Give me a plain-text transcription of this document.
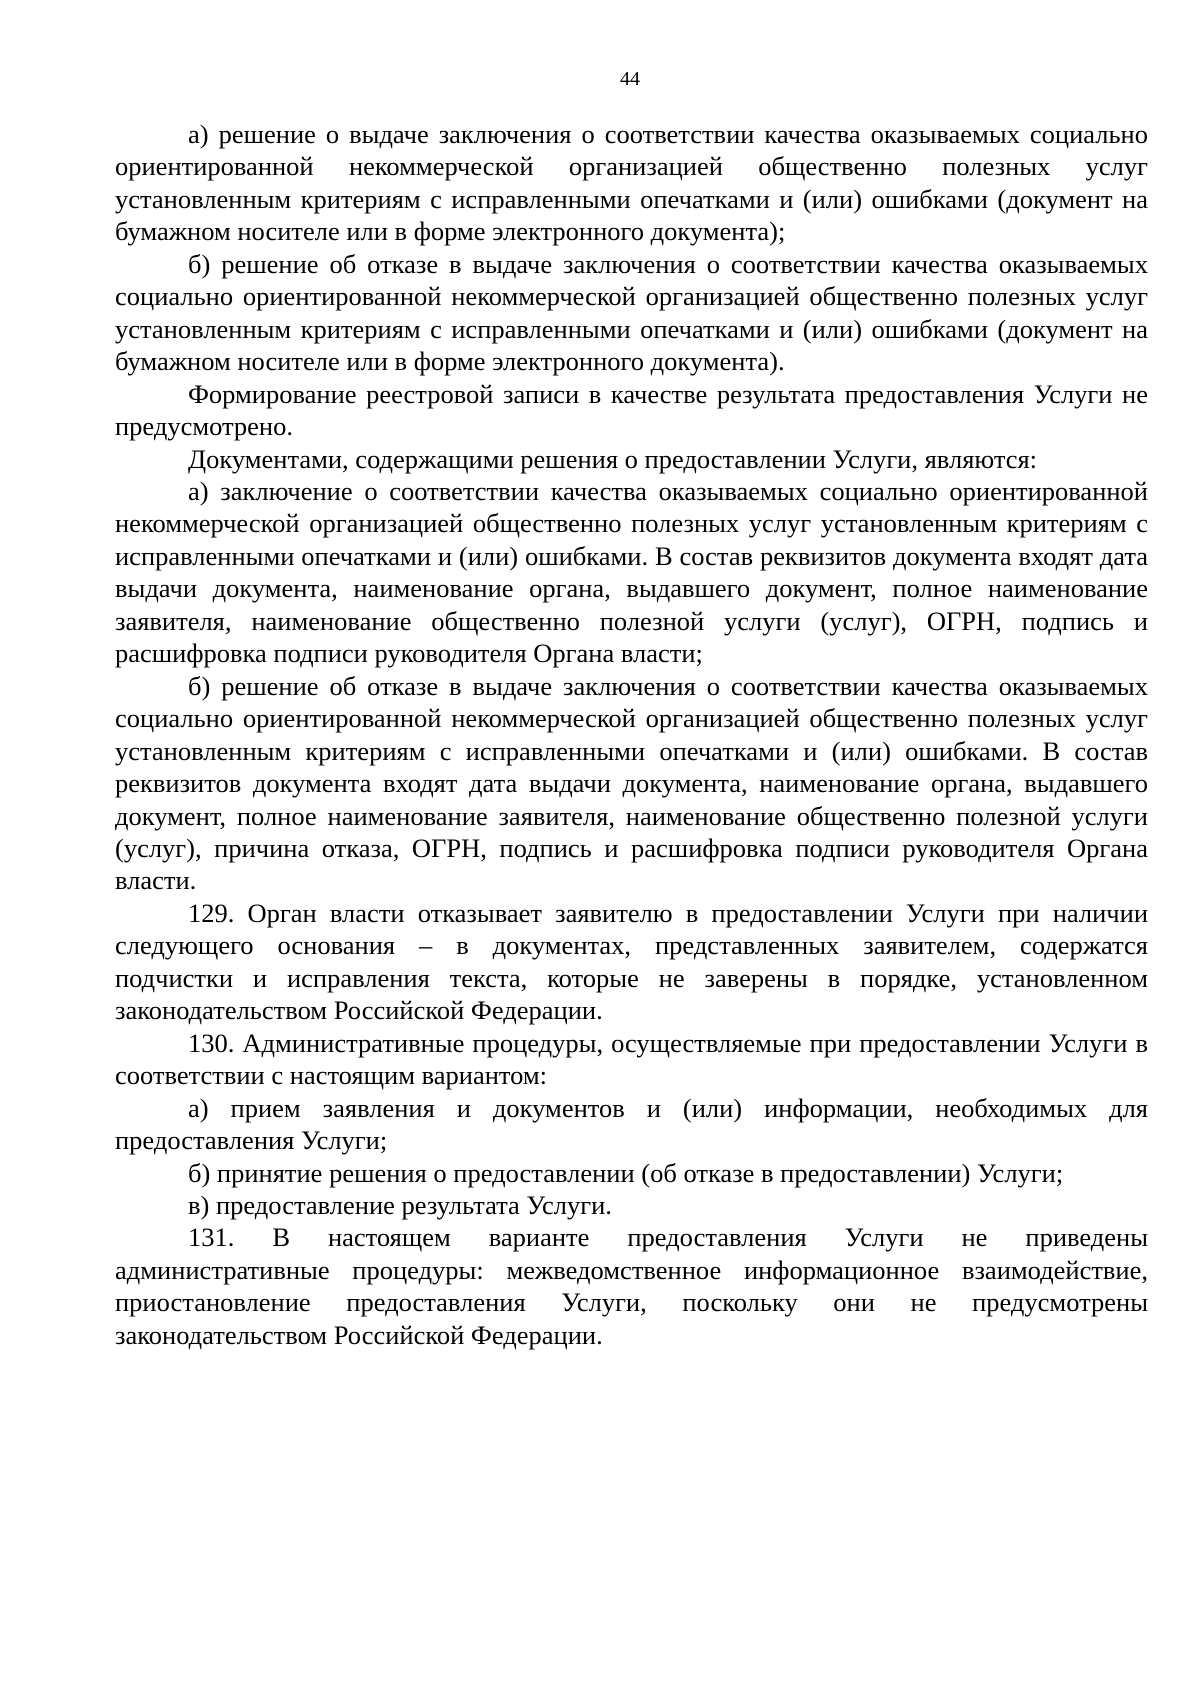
44

а) решение о выдаче заключения о соответствии качества оказываемых социально ориентированной некоммерческой организацией общественно полезных услуг установленным критериям с исправленными опечатками и (или) ошибками (документ на бумажном носителе или в форме электронного документа);

б) решение об отказе в выдаче заключения о соответствии качества оказываемых социально ориентированной некоммерческой организацией общественно полезных услуг установленным критериям с исправленными опечатками и (или) ошибками (документ на бумажном носителе или в форме электронного документа).

Формирование реестровой записи в качестве результата предоставления Услуги не предусмотрено.

Документами, содержащими решения о предоставлении Услуги, являются:

а) заключение о соответствии качества оказываемых социально ориентированной некоммерческой организацией общественно полезных услуг установленным критериям с исправленными опечатками и (или) ошибками. В состав реквизитов документа входят дата выдачи документа, наименование органа, выдавшего документ, полное наименование заявителя, наименование общественно полезной услуги (услуг), ОГРН, подпись и расшифровка подписи руководителя Органа власти;

б) решение об отказе в выдаче заключения о соответствии качества оказываемых социально ориентированной некоммерческой организацией общественно полезных услуг установленным критериям с исправленными опечатками и (или) ошибками. В состав реквизитов документа входят дата выдачи документа, наименование органа, выдавшего документ, полное наименование заявителя, наименование общественно полезной услуги (услуг), причина отказа, ОГРН, подпись и расшифровка подписи руководителя Органа власти.

129. Орган власти отказывает заявителю в предоставлении Услуги при наличии следующего основания – в документах, представленных заявителем, содержатся подчистки и исправления текста, которые не заверены в порядке, установленном законодательством Российской Федерации.

130. Административные процедуры, осуществляемые при предоставлении Услуги в соответствии с настоящим вариантом:

а) прием заявления и документов и (или) информации, необходимых для предоставления Услуги;

б) принятие решения о предоставлении (об отказе в предоставлении) Услуги;

в) предоставление результата Услуги.

131. В настоящем варианте предоставления Услуги не приведены административные процедуры: межведомственное информационное взаимодействие, приостановление предоставления Услуги, поскольку они не предусмотрены законодательством Российской Федерации.
